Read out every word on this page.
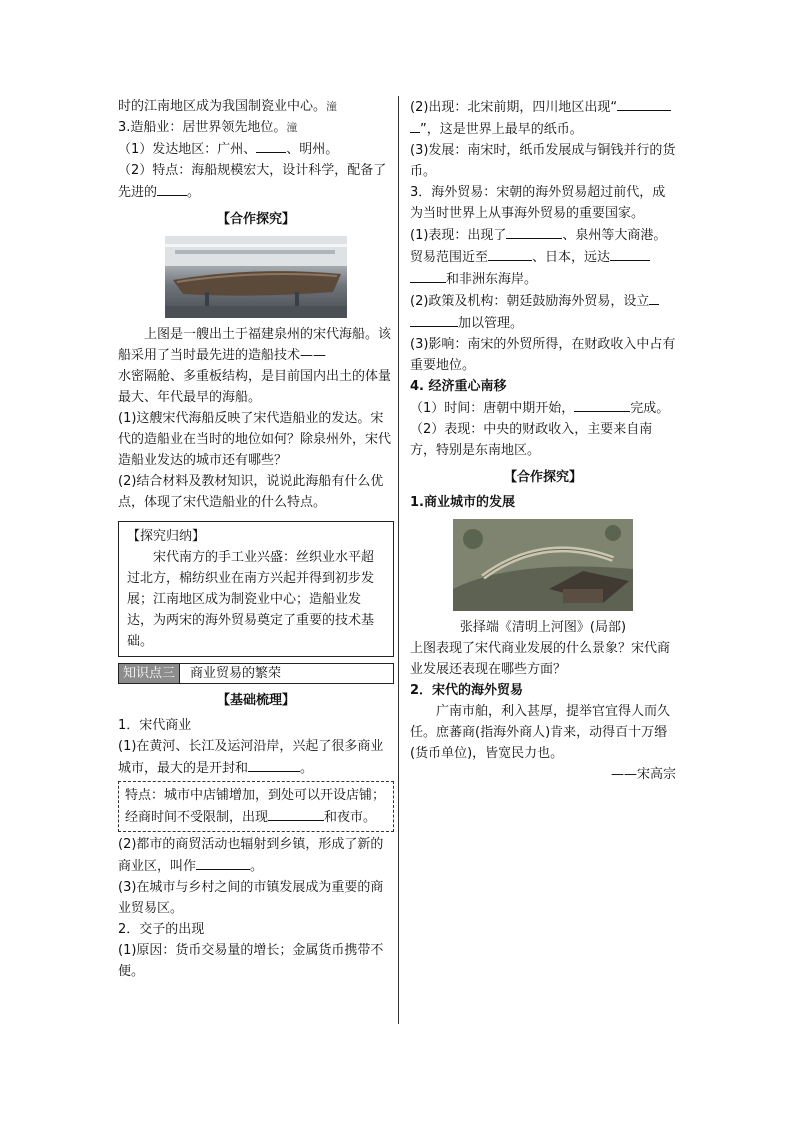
时的江南地区成为我国制瓷业中心。潼

3.造船业：居世界领先地位。潼

（1）发达地区：广州、 、明州。

（2）特点：海船规模宏大，设计科学，配备了先进的 。

【合作探究】

上图是一艘出土于福建泉州的宋代海船。该船采用了当时最先进的造船技术——

水密隔舱、多重板结构，是目前国内出土的体量最大、年代最早的海船。

(1)这艘宋代海船反映了宋代造船业的发达。宋代的造船业在当时的地位如何？除泉州外，宋代造船业发达的城市还有哪些？

(2)结合材料及教材知识，说说此海船有什么优点，体现了宋代造船业的什么特点。

【探究归纳】

宋代南方的手工业兴盛：丝织业水平超过北方，棉纺织业在南方兴起并得到初步发展；江南地区成为制瓷业中心；造船业发达，为两宋的海外贸易奠定了重要的技术基础。

知识点三	商业贸易的繁荣
【基础梳理】

1．宋代商业

(1)在黄河、长江及运河沿岸，兴起了很多商业城市，最大的是开封和	。

特点：城市中店铺增加，到处可以开设店铺；经商时间不受限制，出现	和夜市。

(2)都市的商贸活动也辐射到乡镇，形成了新的商业区，叫作	。

(3)在城市与乡村之间的市镇发展成为重要的商业贸易区。

2．交子的出现

(1)原因：货币交易量的增长；金属货币携带不便。

(2)出现：北宋前期，四川地区出现“”，这是世界上最早的纸币。

(3)发展：南宋时，纸币发展成与铜钱并行的货币。

3．海外贸易：宋朝的海外贸易超过前代，成为当时世界上从事海外贸易的重要国家。

(1)表现：出现了	、泉州等大商港。贸易范围近至	、日本，远达和非洲东海岸。

(2)政策及机构：朝廷鼓励海外贸易，设立加以管理。

(3)影响：南宋的外贸所得，在财政收入中占有重要地位。

4. 经济重心南移

（1）时间：唐朝中期开始，	完成。

（2）表现：中央的财政收入，主要来自南方，特别是东南地区。

【合作探究】

1.商业城市的发展

张择端《清明上河图》(局部)

上图表现了宋代商业发展的什么景象？宋代商业发展还表现在哪些方面？

2．宋代的海外贸易

广南市舶，利入甚厚，提举官宜得人而久任。庶蕃商(指海外商人)肯来，动得百十万缗(货币单位)，皆宽民力也。

——宋高宗
